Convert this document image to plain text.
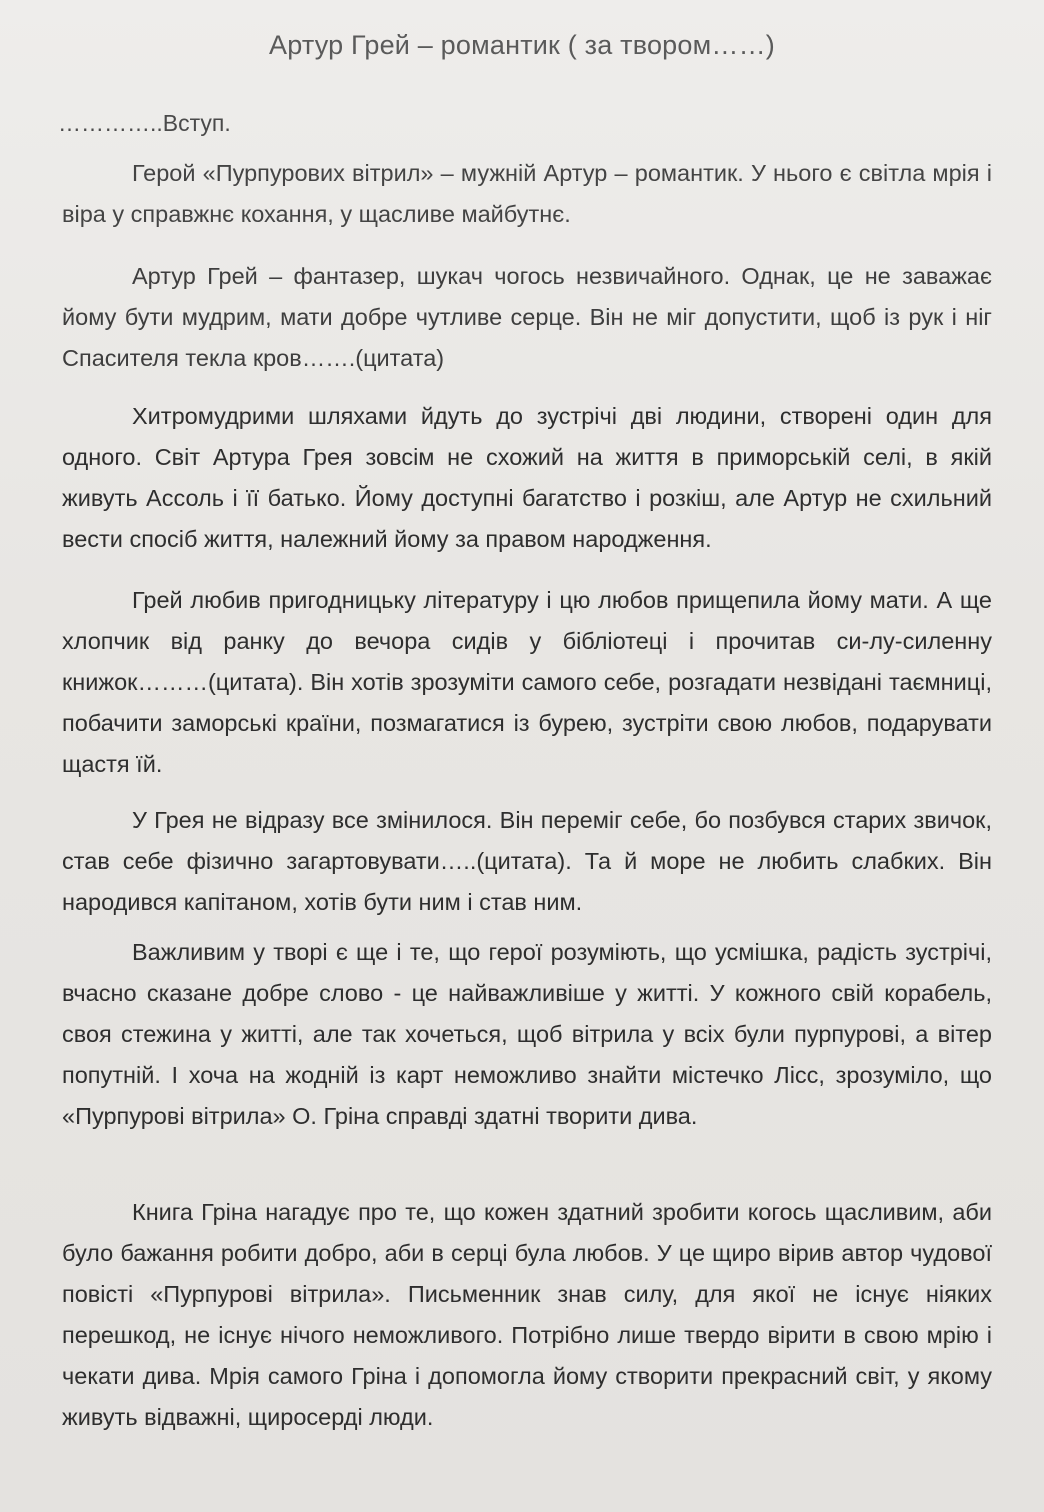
Артур Грей – романтик ( за твором……)
…………..Вступ.

Герой «Пурпурових вітрил» – мужній Артур – романтик. У нього є світла мрія і віра у справжнє кохання, у щасливе майбутнє.

Артур Грей – фантазер, шукач чогось незвичайного. Однак, це не заважає йому бути мудрим, мати добре чутливе серце. Він не міг допустити, щоб із рук і ніг Спасителя текла кров…….(цитата)

Хитромудрими шляхами йдуть до зустрічі дві людини, створені один для одного. Світ Артура Грея зовсім не схожий на життя в приморській селі, в якій живуть Ассоль і її батько. Йому доступні багатство і розкіш, але Артур не схильний вести спосіб життя, належний йому за правом народження.

Грей любив пригодницьку літературу і цю любов прищепила йому мати. А ще хлопчик від ранку до вечора сидів у бібліотеці і прочитав си-лу-силенну книжок………(цитата). Він хотів зрозуміти самого себе, розгадати незвідані таємниці, побачити заморські країни, позмагатися із бурею, зустріти свою любов, подарувати щастя їй.

У Грея не відразу все змінилося. Він переміг себе, бо позбувся старих звичок, став себе фізично загартовувати…..(цитата). Та й море не любить слабких. Він народився капітаном, хотів бути ним і став ним.

Важливим у творі є ще і те, що герої розуміють, що усмішка, радість зустрічі, вчасно сказане добре слово - це найважливіше у житті. У кожного свій корабель, своя стежина у житті, але так хочеться, щоб вітрила у всіх були пурпурові, а вітер попутній. І хоча на жодній із карт неможливо знайти містечко Лісс, зрозуміло, що «Пурпурові вітрила» О. Гріна справді здатні творити дива.

Книга Гріна нагадує про те, що кожен здатний зробити когось щасливим, аби було бажання робити добро, аби в серці була любов. У це щиро вірив автор чудової повісті «Пурпурові вітрила». Письменник знав силу, для якої не існує ніяких перешкод, не існує нічого неможливого. Потрібно лише твердо вірити в свою мрію і чекати дива. Мрія самого Гріна і допомогла йому створити прекрасний світ, у якому живуть відважні, щиросерді люди.
